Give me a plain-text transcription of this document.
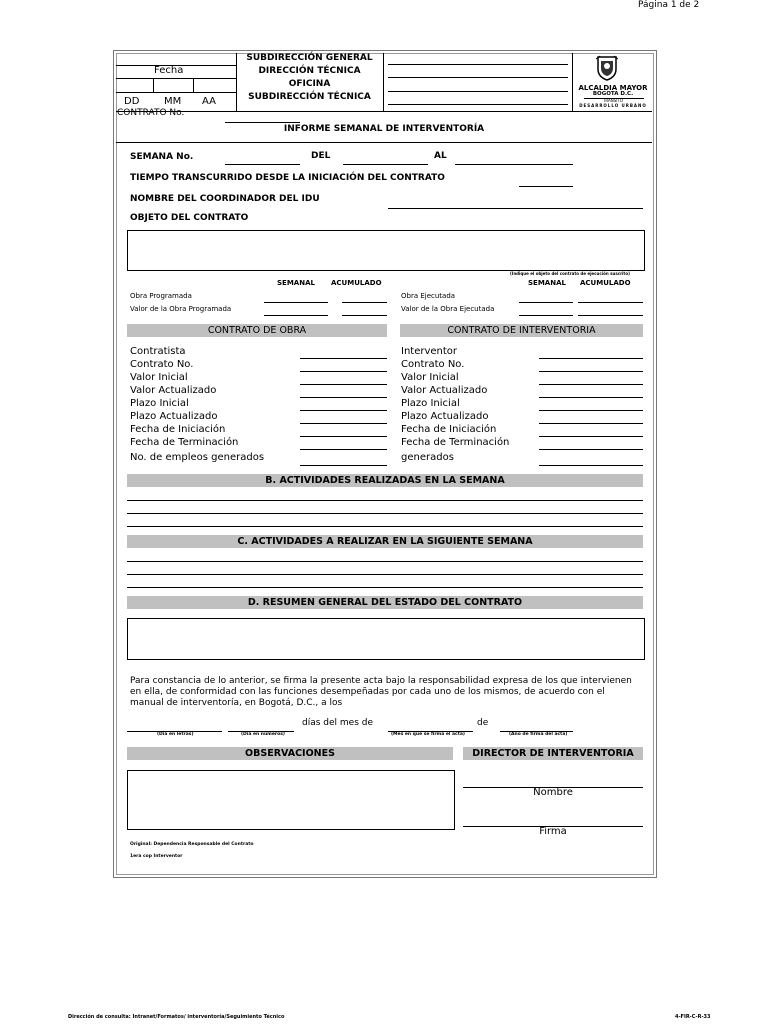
Página 1 de 2
Fecha
DD MM AA
SUBDIRECCIÓN GENERAL
DIRECCIÓN TÉCNICA
OFICINA
SUBDIRECCIÓN TÉCNICA
ALCALDIA MAYOR
BOGOTA D.C.
TRANSITO
DESARROLLO URBANO
CONTRATO No.
INFORME SEMANAL DE INTERVENTORÍA
SEMANA No.	DEL	AL
TIEMPO TRANSCURRIDO DESDE LA INICIACIÓN DEL CONTRATO
NOMBRE DEL COORDINADOR DEL IDU
OBJETO DEL CONTRATO
(Indique el objeto del contrato de ejecución suscrito)
SEMANAL ACUMULADO	SEMANAL ACUMULADO
Obra Programada
Valor de la Obra Programada
Obra Ejecutada
Valor de la Obra Ejecutada
CONTRATO DE OBRA	CONTRATO DE INTERVENTORIA
Contratista
Contrato No.
Valor Inicial
Valor Actualizado
Plazo Inicial
Plazo Actualizado
Fecha de Iniciación
Fecha de Terminación
No. de empleos generados
Interventor
Contrato No.
Valor Inicial
Valor Actualizado
Plazo Inicial
Plazo Actualizado
Fecha de Iniciación
Fecha de Terminación
generados
B. ACTIVIDADES REALIZADAS EN LA SEMANA
C. ACTIVIDADES A REALIZAR EN LA SIGUIENTE SEMANA
D. RESUMEN GENERAL DEL ESTADO DEL CONTRATO
Para constancia de lo anterior, se firma la presente acta bajo la responsabilidad expresa de los que intervienen
en ella, de conformidad con las funciones desempeñadas por cada uno de los mismos, de acuerdo con el
manual de interventoría, en Bogotá, D.C., a los
días del mes de	de
(Día en letras)	(Día en números)	(Mes en que se firma el acta)	(Año de firma del acta)
OBSERVACIONES	DIRECTOR DE INTERVENTORIA
Nombre
Firma
Original: Dependencia Responsable del Contrato
1era cop Interventor
Dirección de consulta: Intranet/Formatos/ interventoría/Seguimiento Técnico	4-FIR-C-R-33
